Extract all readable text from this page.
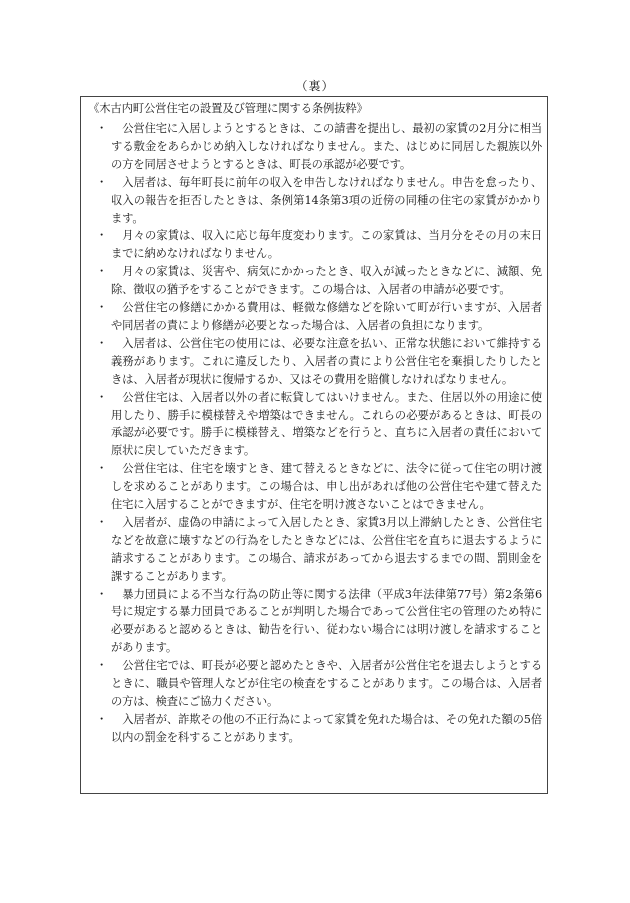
（裏）
《木古内町公営住宅の設置及び管理に関する条例抜粋》
・ 公営住宅に入居しようとするときは、この請書を提出し、最初の家賃の2月分に相当する敷金をあらかじめ納入しなければなりません。また、はじめに同居した親族以外の方を同居させようとするときは、町長の承認が必要です。
・ 入居者は、毎年町長に前年の収入を申告しなければなりません。申告を怠ったり、収入の報告を拒否したときは、条例第14条第3項の近傍の同種の住宅の家賃がかかります。
・ 月々の家賃は、収入に応じ毎年度変わります。この家賃は、当月分をその月の末日までに納めなければなりません。
・ 月々の家賃は、災害や、病気にかかったとき、収入が減ったときなどに、減額、免除、徴収の猶予をすることができます。この場合は、入居者の申請が必要です。
・ 公営住宅の修繕にかかる費用は、軽微な修繕などを除いて町が行いますが、入居者や同居者の責により修繕が必要となった場合は、入居者の負担になります。
・ 入居者は、公営住宅の使用には、必要な注意を払い、正常な状態において維持する義務があります。これに違反したり、入居者の責により公営住宅を棄損したりしたときは、入居者が現状に復帰するか、又はその費用を賠償しなければなりません。
・ 公営住宅は、入居者以外の者に転貸してはいけません。また、住居以外の用途に使用したり、勝手に模様替えや増築はできません。これらの必要があるときは、町長の承認が必要です。勝手に模様替え、増築などを行うと、直ちに入居者の責任において原状に戻していただきます。
・ 公営住宅は、住宅を壊すとき、建て替えるときなどに、法令に従って住宅の明け渡しを求めることがあります。この場合は、申し出があれば他の公営住宅や建て替えた住宅に入居することができますが、住宅を明け渡さないことはできません。
・ 入居者が、虚偽の申請によって入居したとき、家賃3月以上滞納したとき、公営住宅などを故意に壊すなどの行為をしたときなどには、公営住宅を直ちに退去するように請求することがあります。この場合、請求があってから退去するまでの間、罰則金を課することがあります。
・ 暴力団員による不当な行為の防止等に関する法律（平成3年法律第77号）第2条第6号に規定する暴力団員であることが判明した場合であって公営住宅の管理のため特に必要があると認めるときは、勧告を行い、従わない場合には明け渡しを請求することがあります。
・ 公営住宅では、町長が必要と認めたときや、入居者が公営住宅を退去しようとするときに、職員や管理人などが住宅の検査をすることがあります。この場合は、入居者の方は、検査にご協力ください。
・ 入居者が、詐欺その他の不正行為によって家賃を免れた場合は、その免れた額の5倍以内の罰金を科することがあります。
